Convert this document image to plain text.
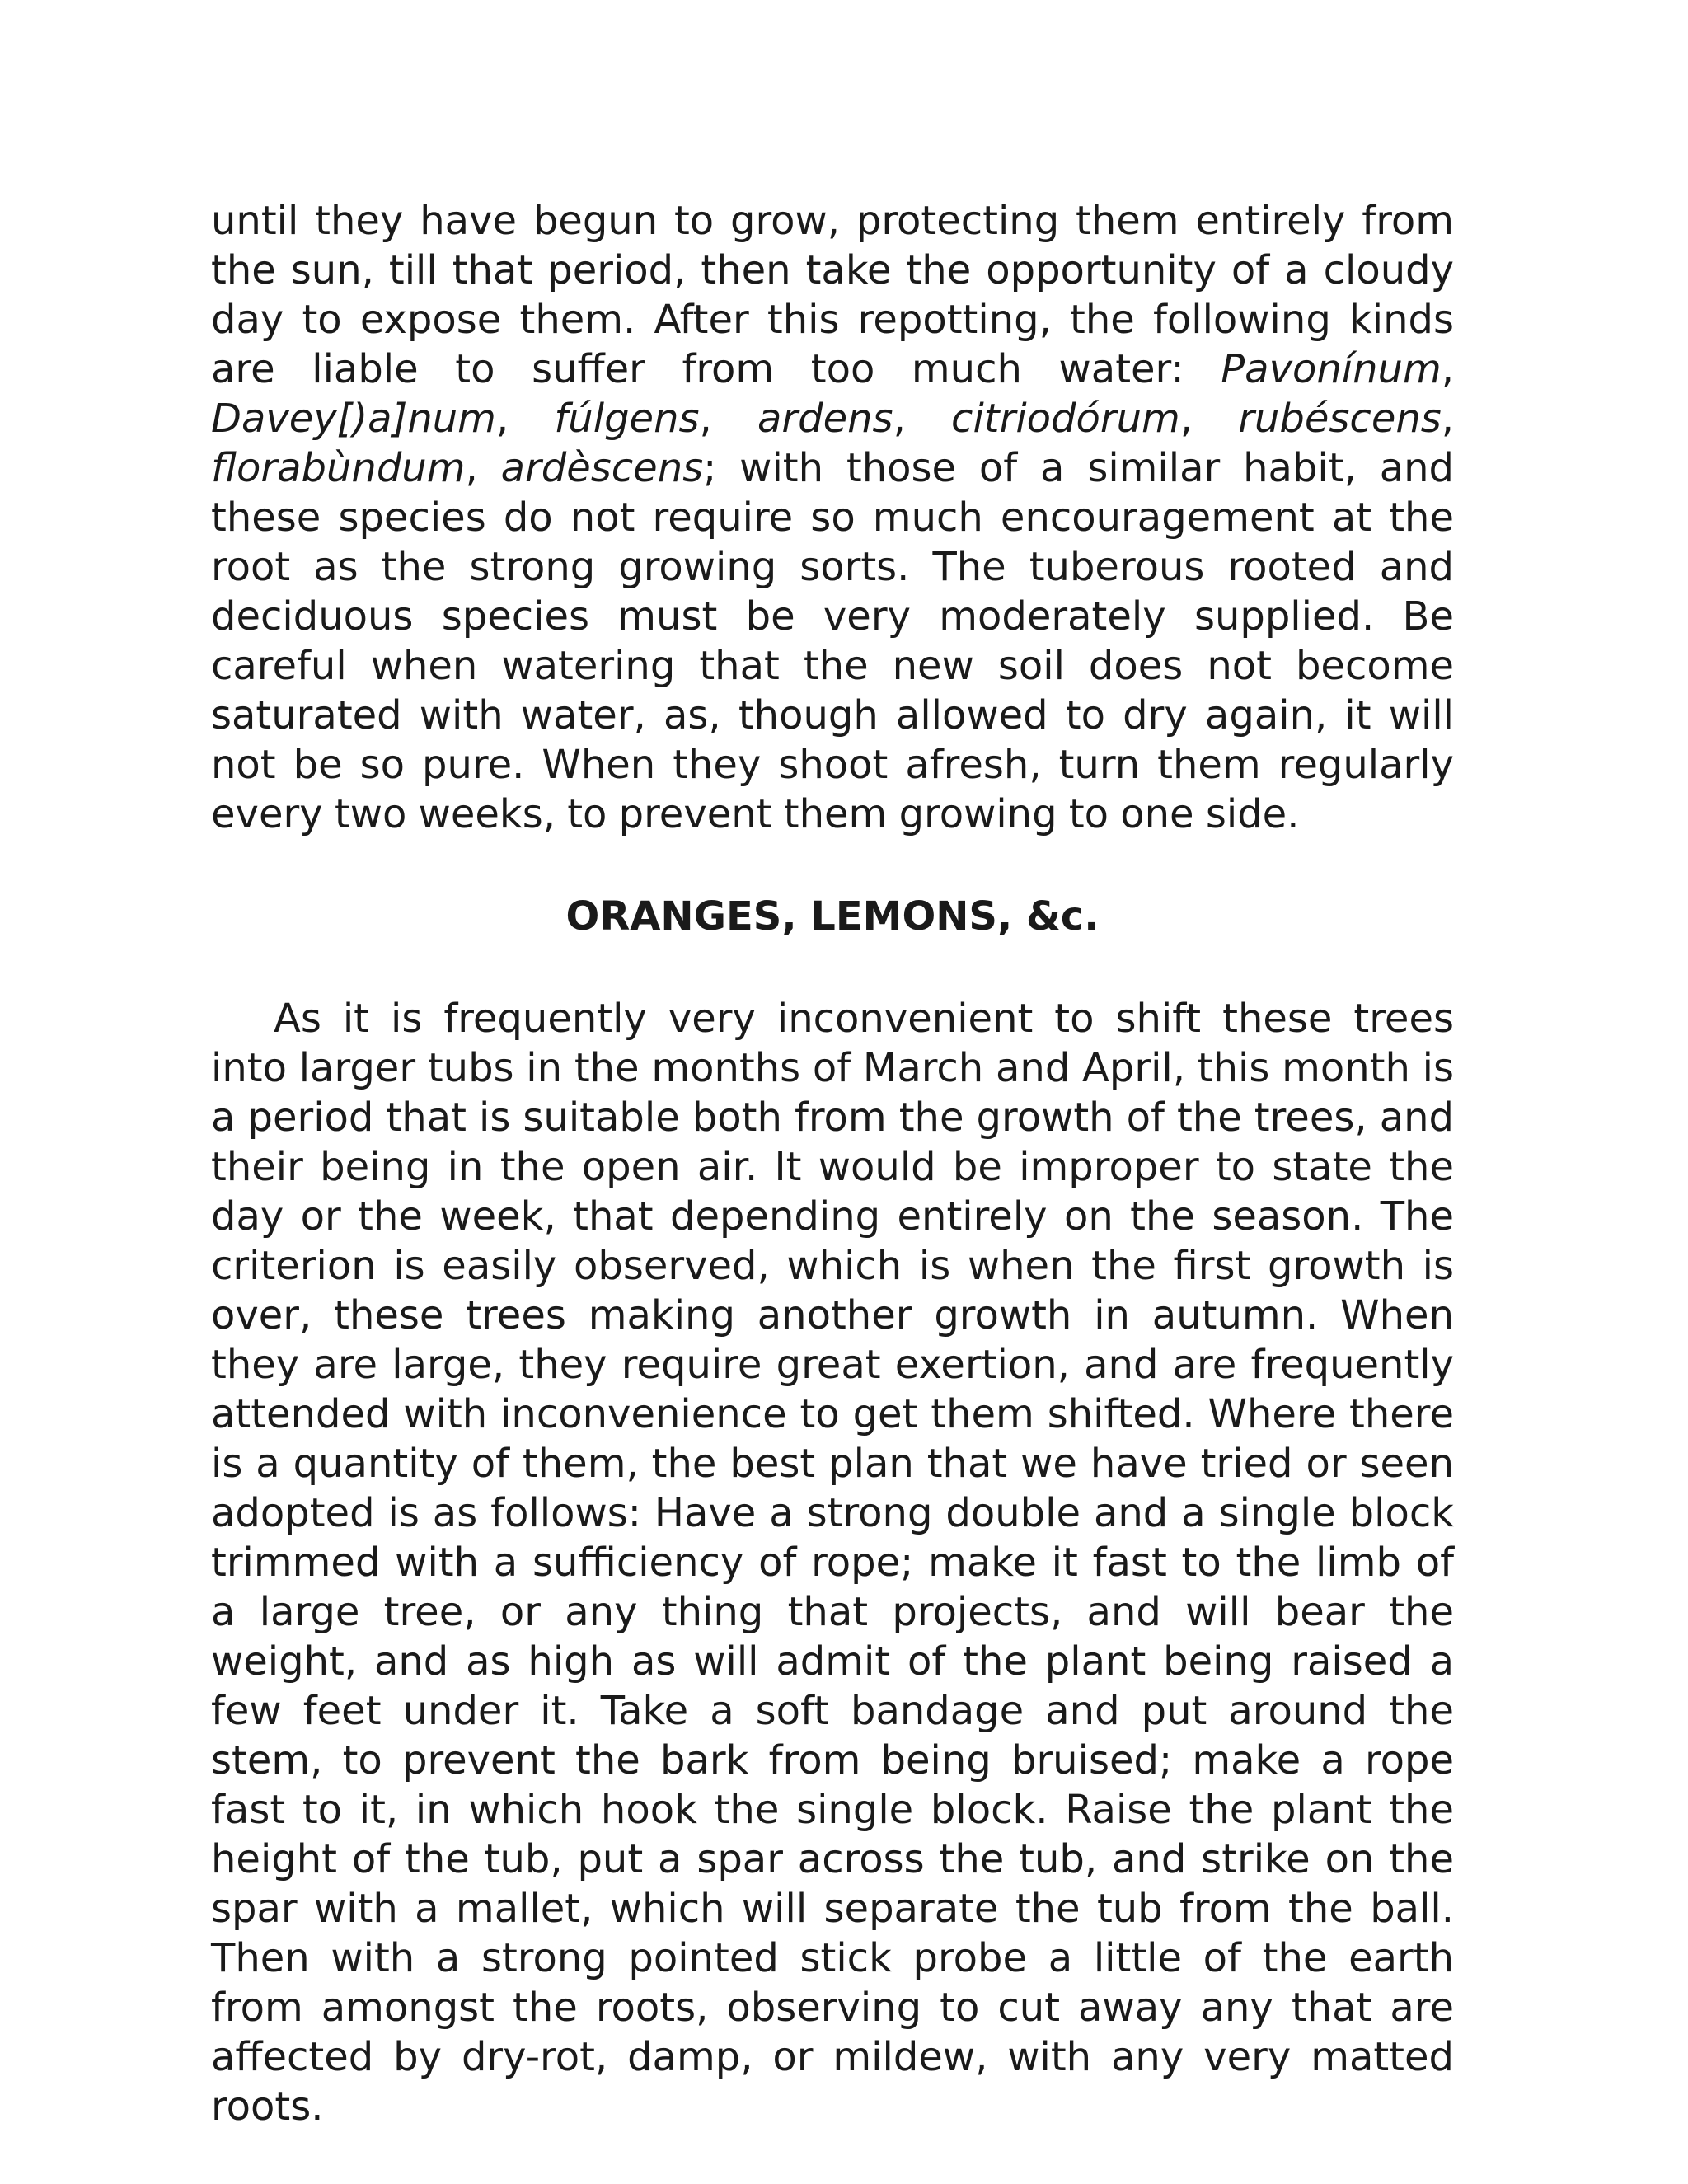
until they have begun to grow, protecting them entirely from the sun, till that period, then take the opportunity of a cloudy day to expose them. After this repotting, the following kinds are liable to suffer from too much water: Pavonínum, Davey[)a]num, fúlgens, ardens, citriodórum, rubéscens, florabùndum, ardèscens; with those of a similar habit, and these species do not require so much encouragement at the root as the strong growing sorts. The tuberous rooted and deciduous species must be very moderately supplied. Be careful when watering that the new soil does not become saturated with water, as, though allowed to dry again, it will not be so pure. When they shoot afresh, turn them regularly every two weeks, to prevent them growing to one side.

ORANGES, LEMONS, &c.

As it is frequently very inconvenient to shift these trees into larger tubs in the months of March and April, this month is a period that is suitable both from the growth of the trees, and their being in the open air. It would be improper to state the day or the week, that depending entirely on the season. The criterion is easily observed, which is when the first growth is over, these trees making another growth in autumn. When they are large, they require great exertion, and are frequently attended with inconvenience to get them shifted. Where there is a quantity of them, the best plan that we have tried or seen adopted is as follows: Have a strong double and a single block trimmed with a sufficiency of rope; make it fast to the limb of a large tree, or any thing that projects, and will bear the weight, and as high as will admit of the plant being raised a few feet under it. Take a soft bandage and put around the stem, to prevent the bark from being bruised; make a rope fast to it, in which hook the single block. Raise the plant the height of the tub, put a spar across the tub, and strike on the spar with a mallet, which will separate the tub from the ball. Then with a strong pointed stick probe a little of the earth from amongst the roots, observing to cut away any that are affected by dry-rot, damp, or mildew, with any very matted roots.
